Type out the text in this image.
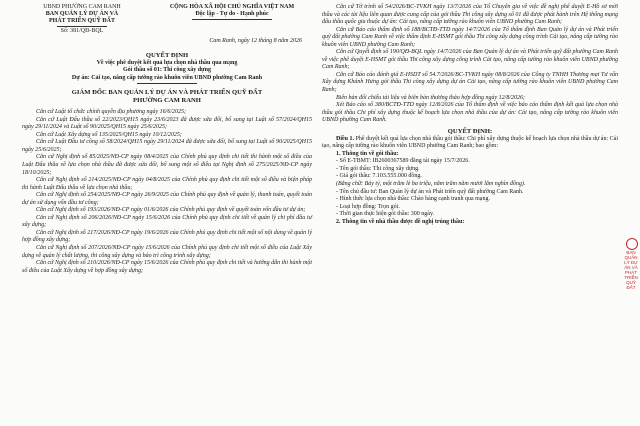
UBND PHƯỜNG CAM RANH
BAN QUẢN LÝ DỰ ÁN VÀ
PHÁT TRIỂN QUỸ ĐẤT
Số: 381/QĐ-BQL
CỘNG HÒA XÃ HỘI CHỦ NGHĨA VIỆT NAM
Độc lập - Tự do - Hạnh phúc
Cam Ranh, ngày 12 tháng 8 năm 2026
QUYẾT ĐỊNH
Về việc phê duyệt kết quả lựa chọn nhà thầu qua mạng
Gói thầu số 01: Thi công xây dựng
Dự án: Cải tạo, nâng cấp tường rào khuôn viên UBND phường Cam Ranh
GIÁM ĐỐC BAN QUẢN LÝ DỰ ÁN VÀ PHÁT TRIỂN QUỸ ĐẤT
PHƯỜNG CAM RANH

Căn cứ Luật tổ chức chính quyền địa phương ngày 16/6/2025;

Căn cứ Luật Đấu thầu số 22/2023/QH15 ngày 23/6/2023 đã được sửa đổi, bổ sung tại Luật số 57/2024/QH15 ngày 29/11/2024 và Luật số 90/2025/QH15 ngày 25/6/2025;

Căn cứ Luật Xây dựng số 135/2025/QH15 ngày 10/12/2025;

Căn cứ Luật Đầu tư công số 58/2024/QH15 ngày 29/11/2024 đã được sửa đổi, bổ sung tại Luật số 90/2025/QH15 ngày 25/6/2025;

Căn cứ Nghị định số 85/2025/NĐ-CP ngày 08/4/2025 của Chính phủ quy định chi tiết thi hành một số điều của Luật Đấu thầu về lựa chọn nhà thầu đã được sửa đổi, bổ sung một số điều tại Nghị định số 275/2025/NĐ-CP ngày 18/10/2025;

Căn cứ Nghị định số 214/2025/NĐ-CP ngày 04/8/2025 của Chính phủ quy định chi tiết một số điều và biện pháp thi hành Luật Đấu thầu về lựa chọn nhà thầu;

Căn cứ Nghị định số 254/2025/NĐ-CP ngày 26/9/2025 của Chính phủ quy định về quản lý, thanh toán, quyết toán dự án sử dụng vốn đầu tư công;

Căn cứ Nghị định số 193/2026/NĐ-CP ngày 01/6/2026 của Chính phủ quy định về quyết toán vốn đầu tư dự án;

Căn cứ Nghị định số 206/2026/NĐ-CP ngày 15/6/2026 của Chính phủ quy định chi tiết về quản lý chi phí đầu tư xây dựng;

Căn cứ Nghị định số 217/2026/NĐ-CP ngày 19/6/2026 của Chính phủ quy định chi tiết một số nội dung về quản lý hợp đồng xây dựng;

Căn cứ Nghị định số 207/2026/NĐ-CP ngày 15/6/2026 của Chính phủ quy định chi tiết một số điều của Luật Xây dựng về quản lý chất lượng, thi công xây dựng và bảo trì công trình xây dựng;

Căn cứ Nghị định số 210/2026/NĐ-CP ngày 15/6/2026 của Chính phủ quy định chi tiết và hướng dẫn thi hành một số điều của Luật Xây dựng về hợp đồng xây dựng;

Căn cứ Tờ trình số 54/2026/BC-TVKH ngày 13/7/2026 của Tổ Chuyên gia về việc đề nghị phê duyệt E-Hồ sơ mời thầu và các tài liệu liên quan được cung cấp của gói thầu Thi công xây dựng số 01 đã được phát hành trên Hệ thống mạng đấu thầu quốc gia thuộc dự án: Cải tạo, nâng cấp tường rào khuôn viên UBND phường Cam Ranh;

Căn cứ Báo cáo thẩm định số 188/BCTĐ-TTD ngày 14/7/2026 của Tổ thẩm định Ban Quản lý dự án và Phát triển quỹ đất phường Cam Ranh về việc thẩm định E-HSMT gói thầu Thi công xây dựng công trình Cải tạo, nâng cấp tường rào khuôn viên UBND phường Cam Ranh;

Căn cứ Quyết định số 190/QĐ-BQL ngày 14/7/2026 của Ban Quản lý dự án và Phát triển quỹ đất phường Cam Ranh về việc phê duyệt E-HSMT gói thầu Thi công xây dựng công trình Cải tạo, nâng cấp tường rào khuôn viên UBND phường Cam Ranh;

Căn cứ Báo cáo đánh giá E-HSDT số 54.7/2026/BC-TVKH ngày 08/8/2026 của Công ty TNHH Thương mại Tư vấn Xây dựng Khánh Hưng gói thầu Thi công xây dựng dự án Cải tạo, nâng cấp tường rào khuôn viên UBND phường Cam Ranh;

Biên bản đối chiếu tài liệu và biên bản thương thảo hợp đồng ngày 12/8/2026;

Xét Báo cáo số 380/BCTĐ-TTD ngày 12/8/2026 của Tổ thẩm định về việc báo cáo thẩm định kết quả lựa chọn nhà thầu gói thầu Chi phí xây dựng thuộc kế hoạch lựa chọn nhà thầu của dự án: Cải tạo, nâng cấp tường rào khuôn viên UBND phường Cam Ranh.

QUYẾT ĐỊNH:

Điều 1. Phê duyệt kết quả lựa chọn nhà thầu gói thầu: Chi phí xây dựng thuộc kế hoạch lựa chọn nhà thầu dự án: Cải tạo, nâng cấp tường rào khuôn viên UBND phường Cam Ranh; bao gồm:

1. Thông tin về gói thầu:

- Số E-TBMT: IB2600367589 đăng tải ngày 15/7/2026.

- Tên gói thầu: Thi công xây dựng.

- Giá gói thầu: 7.103.555.000 đồng.

(Bằng chữ: Bảy tỷ, một trăm lẻ ba triệu, năm trăm năm mươi lăm nghìn đồng).

- Tên chủ đầu tư: Ban Quản lý dự án và Phát triển quỹ đất phường Cam Ranh.

- Hình thức lựa chọn nhà thầu: Chào hàng cạnh tranh qua mạng.

- Loại hợp đồng: Trọn gói.

- Thời gian thực hiện gói thầu: 300 ngày.

2. Thông tin về nhà thầu được đề nghị trúng thầu:

BAN QUẢN LÝ DỰ ÁN VÀ PHÁT TRIỂN QUỸ ĐẤT
